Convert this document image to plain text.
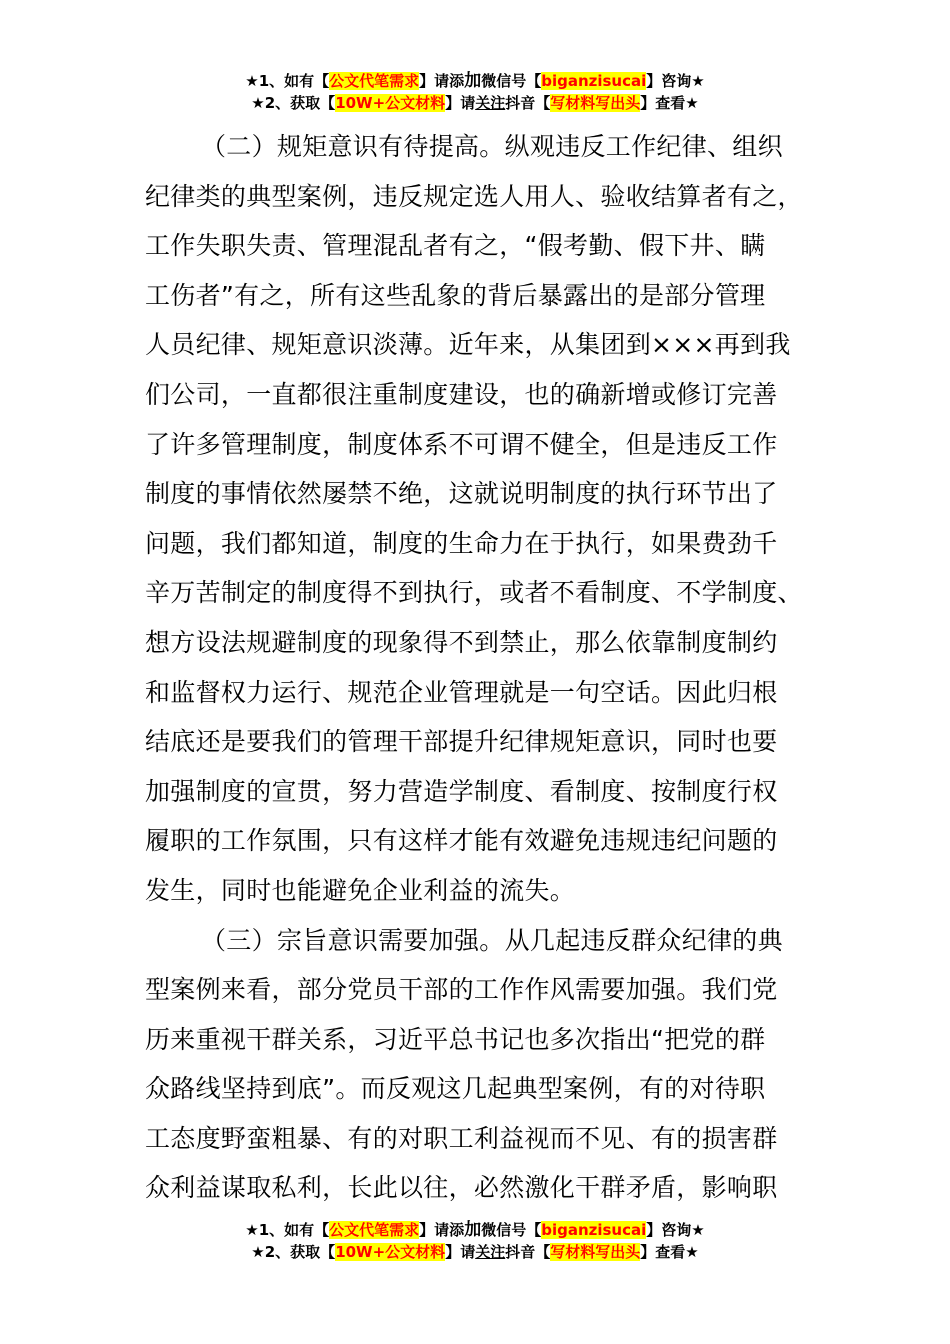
★1、如有【公文代笔需求】请添加微信号【biganzisucai】咨询★
★2、获取【10W+公文材料】请关注抖音【写材料写出头】查看★
（二）规矩意识有待提高。纵观违反工作纪律、组织
纪律类的典型案例，违反规定选人用人、验收结算者有之，
工作失职失责、管理混乱者有之，“假考勤、假下井、瞒
工伤者”有之，所有这些乱象的背后暴露出的是部分管理
人员纪律、规矩意识淡薄。近年来，从集团到×××再到我
们公司，一直都很注重制度建设，也的确新增或修订完善
了许多管理制度，制度体系不可谓不健全，但是违反工作
制度的事情依然屡禁不绝，这就说明制度的执行环节出了
问题，我们都知道，制度的生命力在于执行，如果费劲千
辛万苦制定的制度得不到执行，或者不看制度、不学制度、
想方设法规避制度的现象得不到禁止，那么依靠制度制约
和监督权力运行、规范企业管理就是一句空话。因此归根
结底还是要我们的管理干部提升纪律规矩意识，同时也要
加强制度的宣贯，努力营造学制度、看制度、按制度行权
履职的工作氛围，只有这样才能有效避免违规违纪问题的
发生，同时也能避免企业利益的流失。
（三）宗旨意识需要加强。从几起违反群众纪律的典
型案例来看，部分党员干部的工作作风需要加强。我们党
历来重视干群关系，习近平总书记也多次指出“把党的群
众路线坚持到底”。而反观这几起典型案例，有的对待职
工态度野蛮粗暴、有的对职工利益视而不见、有的损害群
众利益谋取私利，长此以往，必然激化干群矛盾，影响职
★1、如有【公文代笔需求】请添加微信号【biganzisucai】咨询★
★2、获取【10W+公文材料】请关注抖音【写材料写出头】查看★
